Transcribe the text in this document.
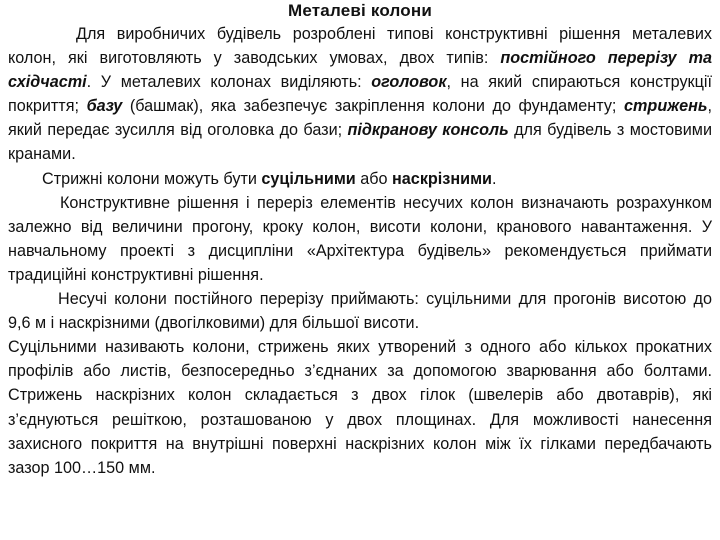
Металеві колони

Для виробничих будівель розроблені типові конструктивні рішення металевих колон, які виготовляють у заводських умовах, двох типів: постійного перерізу та східчасті. У металевих колонах виділяють: оголовок, на який спираються конструкції покриття; базу (башмак), яка забезпечує закріплення колони до фундаменту; стрижень, який передає зусилля від оголовка до бази; підкранову консоль для будівель з мостовими кранами.

Стрижні колони можуть бути суцільними або наскрізними.

Конструктивне рішення і переріз елементів несучих колон визначають розрахунком залежно від величини прогону, кроку колон, висоти колони, кранового навантаження. У навчальному проекті з дисципліни «Архітектура будівель» рекомендується приймати традиційні конструктивні рішення.

Несучі колони постійного перерізу приймають: суцільними для прогонів висотою до 9,6 м і наскрізними (двогілковими) для більшої висоти.

Суцільними називають колони, стрижень яких утворений з одного або кількох прокатних профілів або листів, безпосередньо з’єднаних за допомогою зварювання або болтами. Стрижень наскрізних колон складається з двох гілок (швелерів або двотаврів), які з’єднуються решіткою, розташованою у двох площинах. Для можливості нанесення захисного покриття на внутрішні поверхні наскрізних колон між їх гілками передбачають зазор 100…150 мм.
